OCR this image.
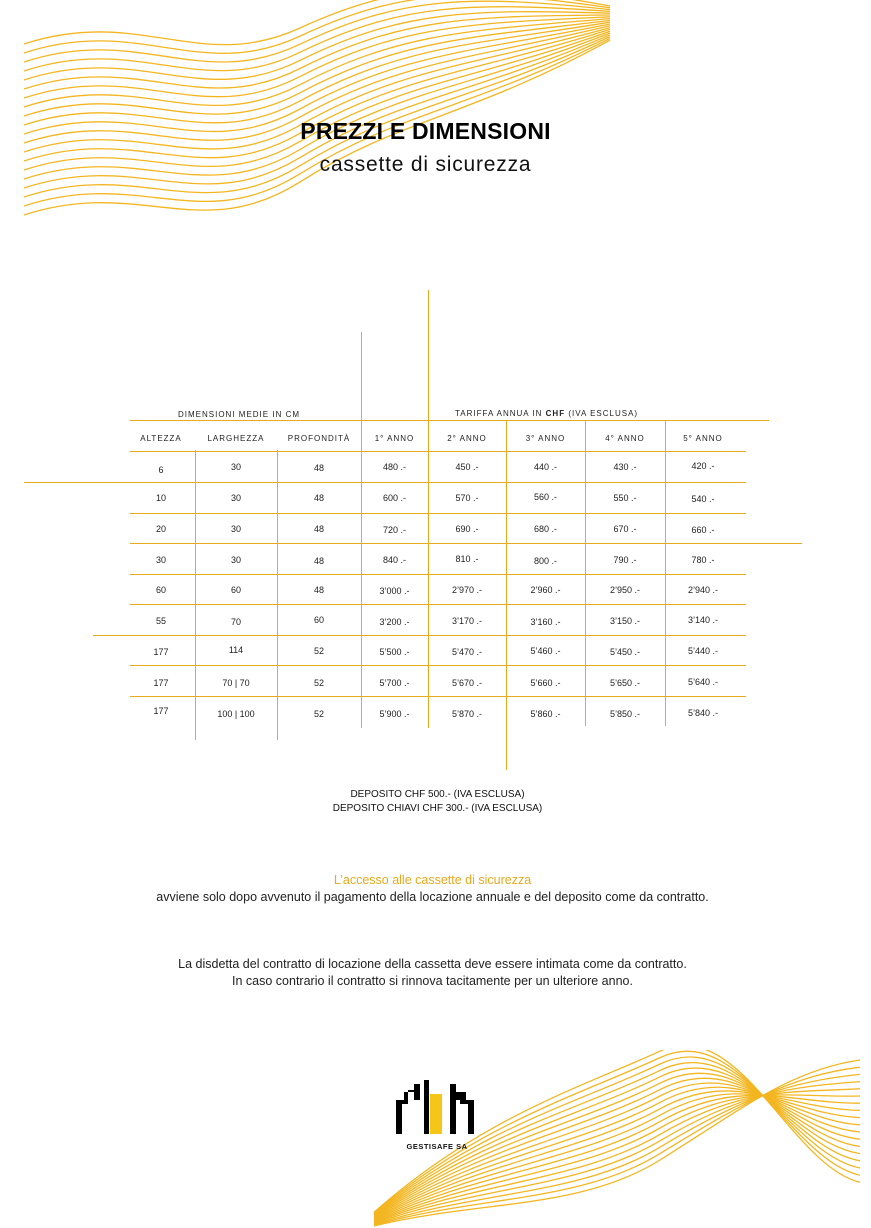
PREZZI E DIMENSIONI
cassette di sicurezza
DIMENSIONI MEDIE IN CM	TARIFFA ANNUA IN CHF (IVA ESCLUSA)
ALTEZZA	LARGHEZZA	PROFONDITÀ	1° ANNO	2° ANNO	3° ANNO	4° ANNO	5° ANNO
6	30	48	480 .-	450 .-	440 .-	430 .-	420 .-
10	30	48	600 .-	570 .-	560 .-	550 .-	540 .-
20	30	48	720 .-	690 .-	680 .-	670 .-	660 .-
30	30	48	840 .-	810 .-	800 .-	790 .-	780 .-
60	60	48	3’000 .-	2’970 .-	2’960 .-	2’950 .-	2’940 .-
55	70	60	3’200 .-	3’170 .-	3’160 .-	3’150 .-	3’140 .-
177	114	52	5’500 .-	5’470 .-	5’460 .-	5’450 .-	5’440 .-
177	70 | 70	52	5’700 .-	5’670 .-	5’660 .-	5’650 .-	5’640 .-
177	100 | 100	52	5’900 .-	5’870 .-	5’860 .-	5’850 .-	5’840 .-
DEPOSITO CHF 500.- (IVA ESCLUSA)
DEPOSITO CHIAVI CHF 300.- (IVA ESCLUSA)
L’accesso alle cassette di sicurezza
avviene solo dopo avvenuto il pagamento della locazione annuale e del deposito come da contratto.
La disdetta del contratto di locazione della cassetta deve essere intimata come da contratto.
In caso contrario il contratto si rinnova tacitamente per un ulteriore anno.
GESTISAFE SA
